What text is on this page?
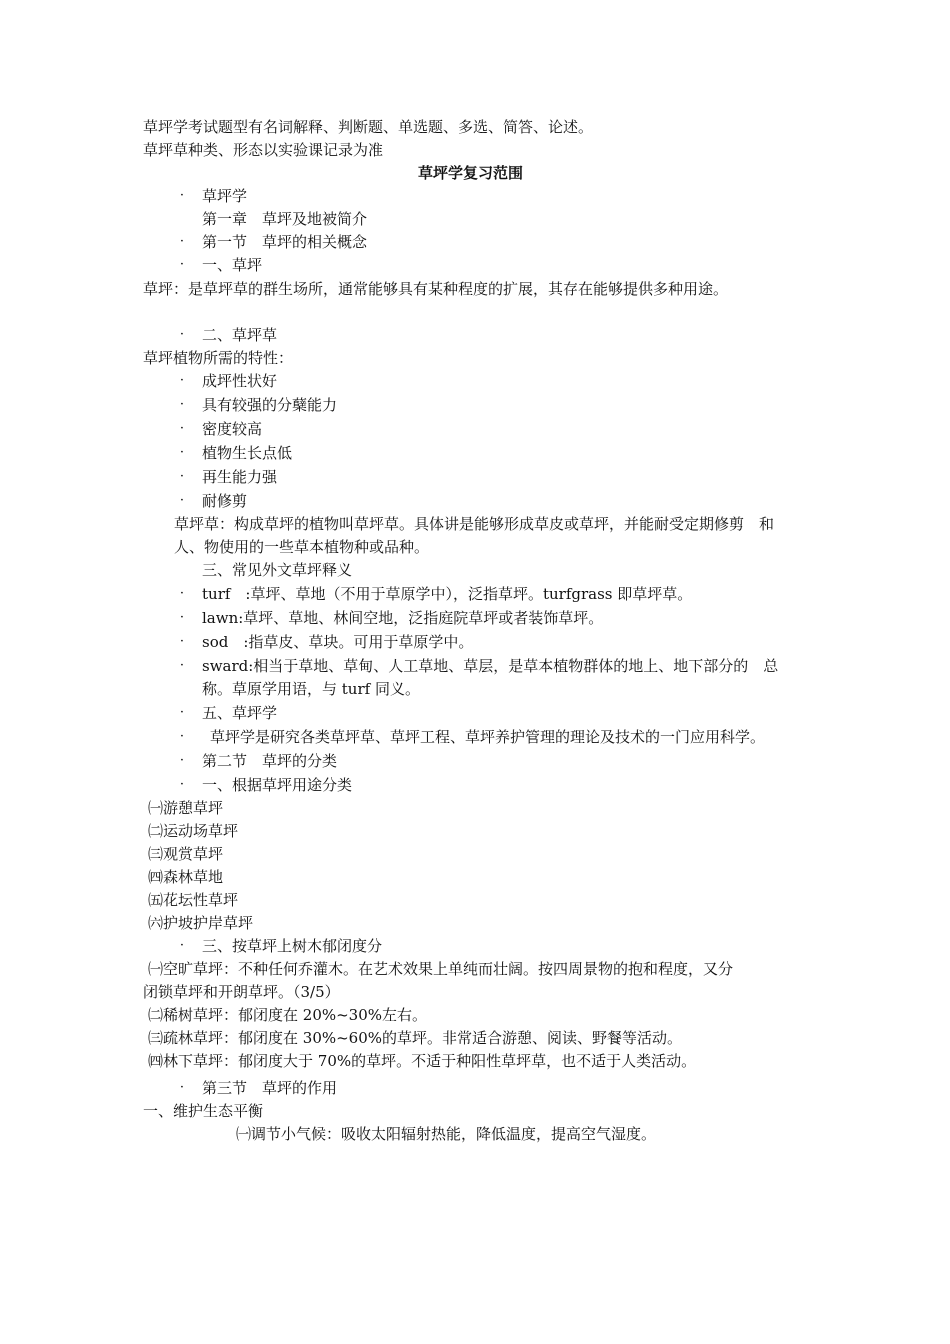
草坪学考试题型有名词解释、判断题、单选题、多选、简答、论述。
草坪草种类、形态以实验课记录为准
草坪学复习范围
·	草坪学
第一章　草坪及地被简介
·	第一节　草坪的相关概念
·	一、草坪
草坪：是草坪草的群生场所，通常能够具有某种程度的扩展，其存在能够提供多种用途。
·	二、草坪草
草坪植物所需的特性：
·	成坪性状好
·	具有较强的分蘖能力
·	密度较高
·	植物生长点低
·	再生能力强
·	耐修剪
草坪草：构成草坪的植物叫草坪草。具体讲是能够形成草皮或草坪，并能耐受定期修剪　和
人、物使用的一些草本植物种或品种。
三、常见外文草坪释义
·	turf　:草坪、草地（不用于草原学中），泛指草坪。turfgrass 即草坪草。
·	lawn:草坪、草地、林间空地，泛指庭院草坪或者装饰草坪。
·	sod　:指草皮、草块。可用于草原学中。
·	sward:相当于草地、草甸、人工草地、草层，是草本植物群体的地上、地下部分的　总
称。草原学用语，与 turf 同义。
·	五、草坪学
·	草坪学是研究各类草坪草、草坪工程、草坪养护管理的理论及技术的一门应用科学。
·	第二节　草坪的分类
·	一、根据草坪用途分类
㈠游憩草坪
㈡运动场草坪
㈢观赏草坪
㈣森林草地
㈤花坛性草坪
㈥护坡护岸草坪
·	三、按草坪上树木郁闭度分
㈠空旷草坪：不种任何乔灌木。在艺术效果上单纯而壮阔。按四周景物的抱和程度，又分
闭锁草坪和开朗草坪。（3/5）
㈡稀树草坪：郁闭度在 20%~30%左右。
㈢疏林草坪：郁闭度在 30%~60%的草坪。非常适合游憩、阅读、野餐等活动。
㈣林下草坪：郁闭度大于 70%的草坪。不适于种阳性草坪草，也不适于人类活动。
·	第三节　草坪的作用
一、维护生态平衡
㈠调节小气候：吸收太阳辐射热能，降低温度，提高空气湿度。
